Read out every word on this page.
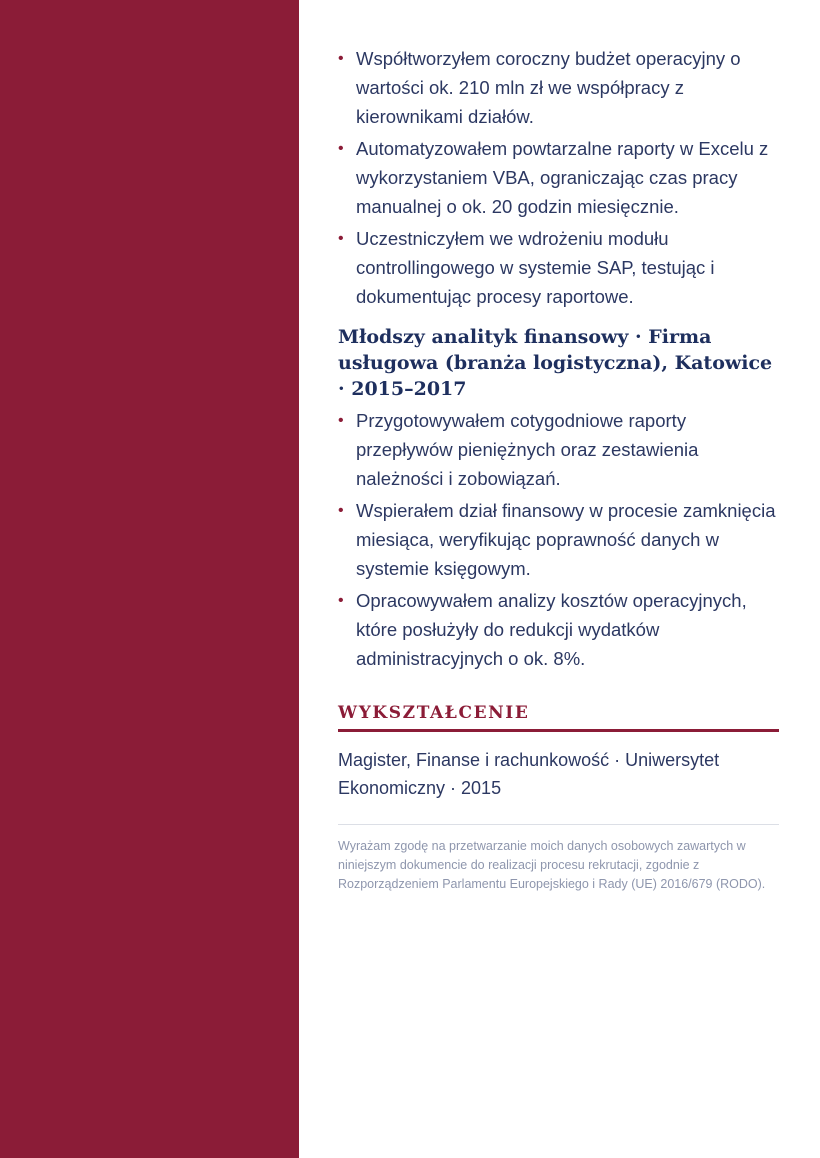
• Współtworzyłem coroczny budżet operacyjny o wartości ok. 210 mln zł we współpracy z kierownikami działów.
• Automatyzowałem powtarzalne raporty w Excelu z wykorzystaniem VBA, ograniczając czas pracy manualnej o ok. 20 godzin miesięcznie.
• Uczestniczyłem we wdrożeniu modułu controllingowego w systemie SAP, testując i dokumentując procesy raportowe.
Młodszy analityk finansowy · Firma usługowa (branża logistyczna), Katowice · 2015–2017
• Przygotowywałem cotygodniowe raporty przepływów pieniężnych oraz zestawienia należności i zobowiązań.
• Wspierałem dział finansowy w procesie zamknięcia miesiąca, weryfikując poprawność danych w systemie księgowym.
• Opracowywałem analizy kosztów operacyjnych, które posłużyły do redukcji wydatków administracyjnych o ok. 8%.
WYKSZTAŁCENIE
Magister, Finanse i rachunkowość · Uniwersytet Ekonomiczny · 2015
Wyrażam zgodę na przetwarzanie moich danych osobowych zawartych w niniejszym dokumencie do realizacji procesu rekrutacji, zgodnie z Rozporządzeniem Parlamentu Europejskiego i Rady (UE) 2016/679 (RODO).
